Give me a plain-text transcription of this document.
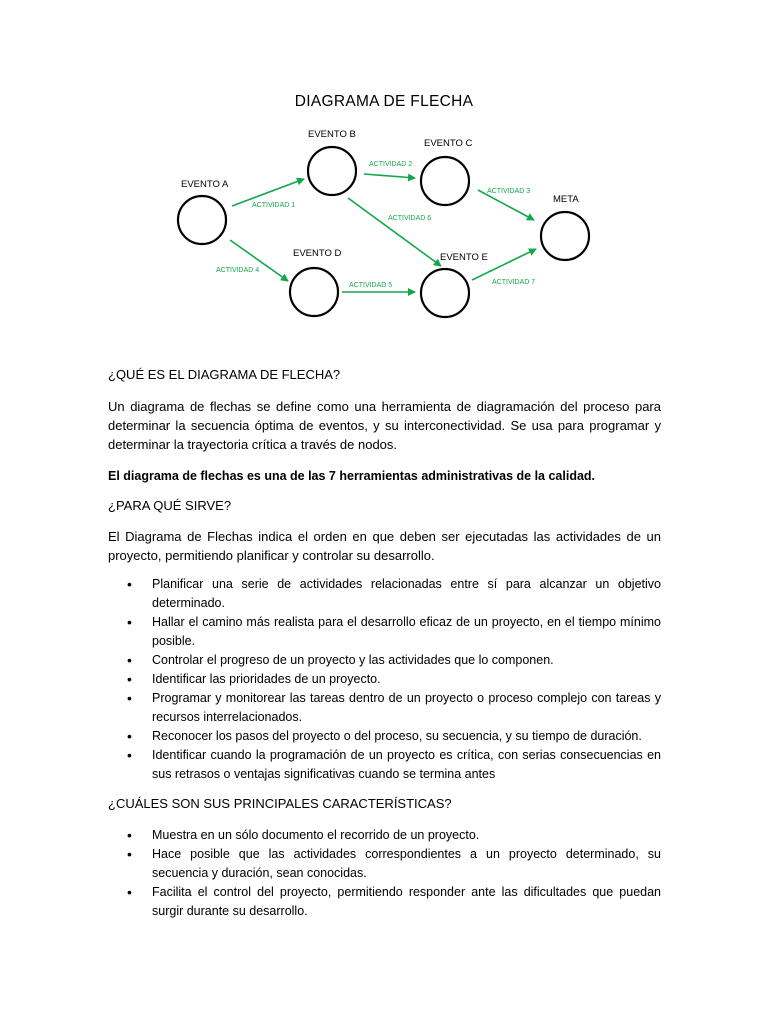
DIAGRAMA DE FLECHA
ACTIVIDAD 1
ACTIVIDAD 2
ACTIVIDAD 3
ACTIVIDAD 4
ACTIVIDAD 5
ACTIVIDAD 6
ACTIVIDAD 7
EVENTO A
EVENTO B
EVENTO C
EVENTO D	EVENTO E
META
¿QUÉ ES EL DIAGRAMA DE FLECHA?
Un diagrama de flechas se define como una herramienta de diagramación del proceso para determinar la secuencia óptima de eventos, y su interconectividad. Se usa para programar y determinar la trayectoria crítica a través de nodos.
El diagrama de flechas es una de las 7 herramientas administrativas de la calidad.
¿PARA QUÉ SIRVE?
El Diagrama de Flechas indica el orden en que deben ser ejecutadas las actividades de un proyecto, permitiendo planificar y controlar su desarrollo.
• Planificar una serie de actividades relacionadas entre sí para alcanzar un objetivo determinado.
• Hallar el camino más realista para el desarrollo eficaz de un proyecto, en el tiempo mínimo posible.
• Controlar el progreso de un proyecto y las actividades que lo componen.
• Identificar las prioridades de un proyecto.
• Programar y monitorear las tareas dentro de un proyecto o proceso complejo con tareas y recursos interrelacionados.
• Reconocer los pasos del proyecto o del proceso, su secuencia, y su tiempo de duración.
• Identificar cuando la programación de un proyecto es crítica, con serias consecuencias en sus retrasos o ventajas significativas cuando se termina antes
¿CUÁLES SON SUS PRINCIPALES CARACTERÍSTICAS?
• Muestra en un sólo documento el recorrido de un proyecto.
• Hace posible que las actividades correspondientes a un proyecto determinado, su secuencia y duración, sean conocidas.
• Facilita el control del proyecto, permitiendo responder ante las dificultades que puedan surgir durante su desarrollo.
